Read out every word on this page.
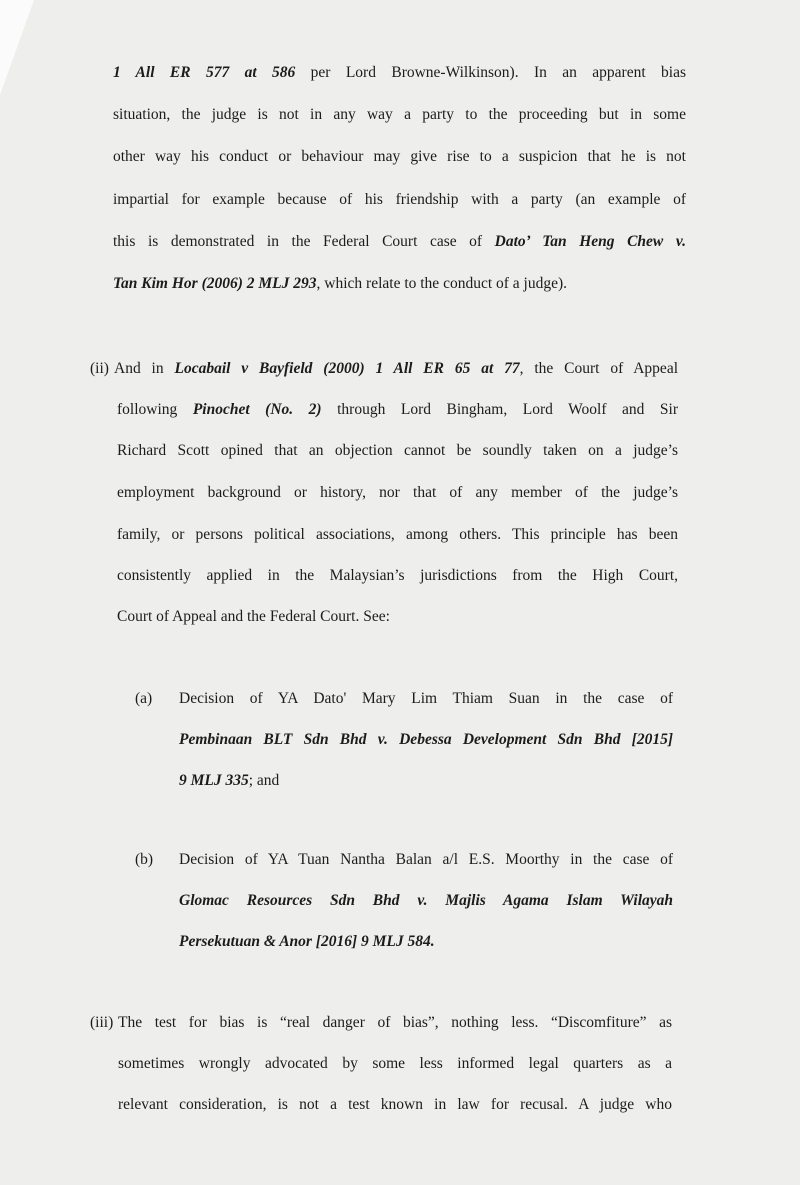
1 All ER 577 at 586 per Lord Browne-Wilkinson). In an apparent bias
situation, the judge is not in any way a party to the proceeding but in some
other way his conduct or behaviour may give rise to a suspicion that he is not
impartial for example because of his friendship with a party (an example of
this is demonstrated in the Federal Court case of Dato’ Tan Heng Chew v.
Tan Kim Hor (2006) 2 MLJ 293, which relate to the conduct of a judge).
(ii) And in Locabail v Bayfield (2000) 1 All ER 65 at 77, the Court of Appeal
following Pinochet (No. 2) through Lord Bingham, Lord Woolf and Sir
Richard Scott opined that an objection cannot be soundly taken on a judge’s
employment background or history, nor that of any member of the judge’s
family, or persons political associations, among others. This principle has been
consistently applied in the Malaysian’s jurisdictions from the High Court,
Court of Appeal and the Federal Court. See:
(a) Decision of YA Dato' Mary Lim Thiam Suan in the case of
Pembinaan BLT Sdn Bhd v. Debessa Development Sdn Bhd [2015]
9 MLJ 335; and
(b) Decision of YA Tuan Nantha Balan a/l E.S. Moorthy in the case of
Glomac Resources Sdn Bhd v. Majlis Agama Islam Wilayah
Persekutuan & Anor [2016] 9 MLJ 584.
(iii) The test for bias is “real danger of bias”, nothing less. “Discomfiture” as
sometimes wrongly advocated by some less informed legal quarters as a
relevant consideration, is not a test known in law for recusal. A judge who
